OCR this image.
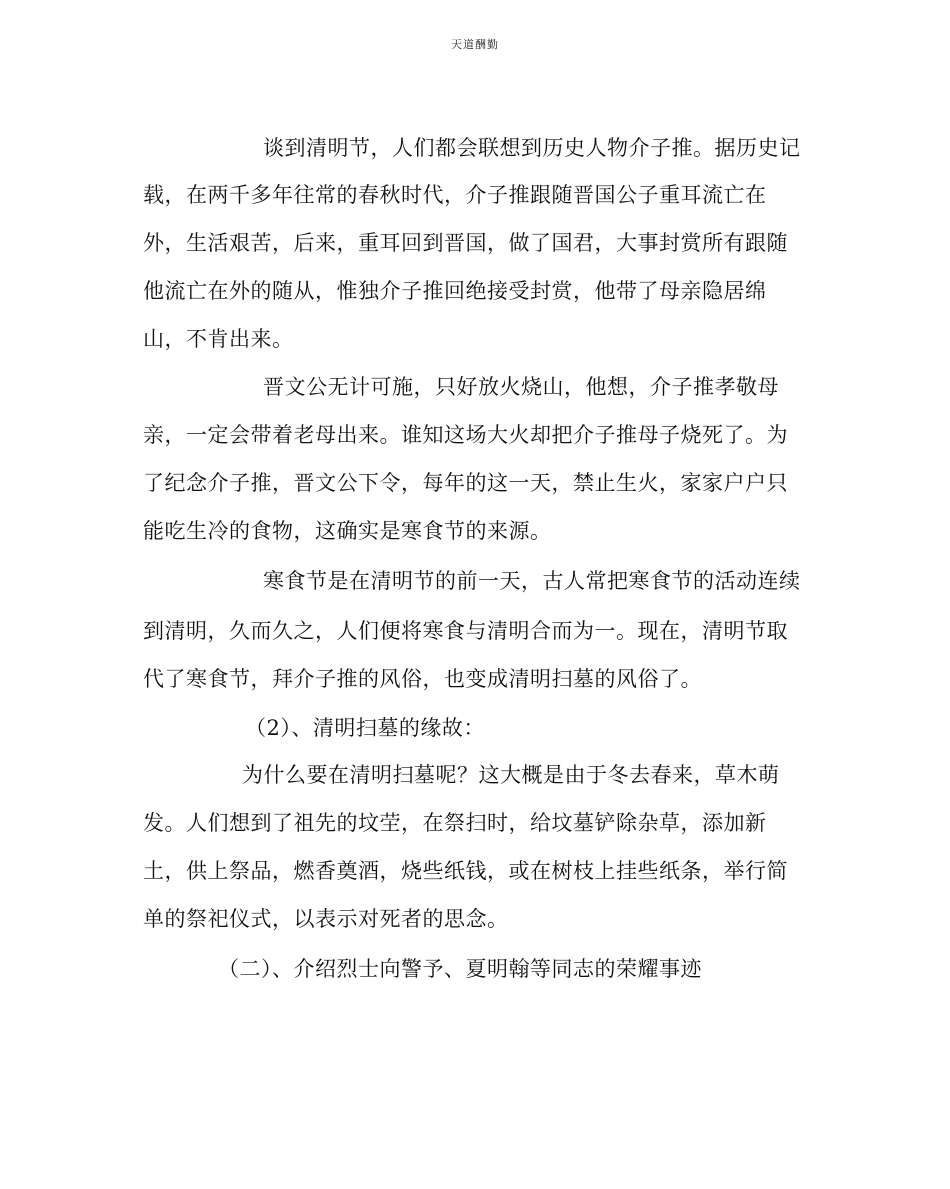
天道酬勤
谈到清明节，人们都会联想到历史人物介子推。据历史记
载，在两千多年往常的春秋时代，介子推跟随晋国公子重耳流亡在
外，生活艰苦，后来，重耳回到晋国，做了国君，大事封赏所有跟随
他流亡在外的随从，惟独介子推回绝接受封赏，他带了母亲隐居绵
山，不肯出来。
晋文公无计可施，只好放火烧山，他想，介子推孝敬母
亲，一定会带着老母出来。谁知这场大火却把介子推母子烧死了。为
了纪念介子推，晋文公下令，每年的这一天，禁止生火，家家户户只
能吃生冷的食物，这确实是寒食节的来源。
寒食节是在清明节的前一天，古人常把寒食节的活动连续
到清明，久而久之，人们便将寒食与清明合而为一。现在，清明节取
代了寒食节，拜介子推的风俗，也变成清明扫墓的风俗了。
（2）、清明扫墓的缘故：
为什么要在清明扫墓呢？这大概是由于冬去春来，草木萌
发。人们想到了祖先的坟茔，在祭扫时，给坟墓铲除杂草，添加新
土，供上祭品，燃香奠酒，烧些纸钱，或在树枝上挂些纸条，举行简
单的祭祀仪式，以表示对死者的思念。
（二）、介绍烈士向警予、夏明翰等同志的荣耀事迹
